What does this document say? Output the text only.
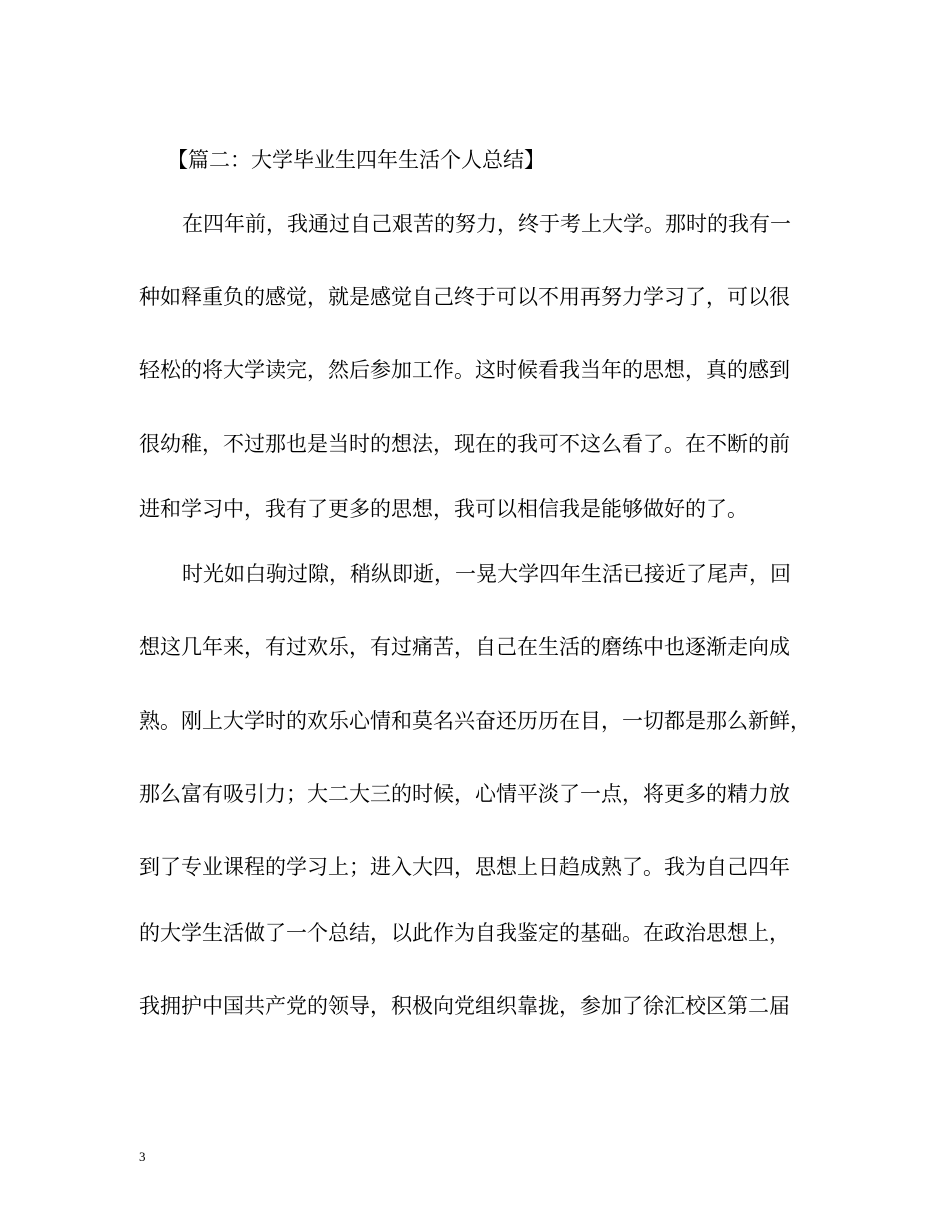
【篇二：大学毕业生四年生活个人总结】
在四年前，我通过自己艰苦的努力，终于考上大学。那时的我有一
种如释重负的感觉，就是感觉自己终于可以不用再努力学习了，可以很
轻松的将大学读完，然后参加工作。这时候看我当年的思想，真的感到
很幼稚，不过那也是当时的想法，现在的我可不这么看了。在不断的前
进和学习中，我有了更多的思想，我可以相信我是能够做好的了。
时光如白驹过隙，稍纵即逝，一晃大学四年生活已接近了尾声，回
想这几年来，有过欢乐，有过痛苦，自己在生活的磨练中也逐渐走向成
熟。刚上大学时的欢乐心情和莫名兴奋还历历在目，一切都是那么新鲜，
那么富有吸引力；大二大三的时候，心情平淡了一点，将更多的精力放
到了专业课程的学习上；进入大四，思想上日趋成熟了。我为自己四年
的大学生活做了一个总结，以此作为自我鉴定的基础。在政治思想上，
我拥护中国共产党的领导，积极向党组织靠拢，参加了徐汇校区第二届
3
